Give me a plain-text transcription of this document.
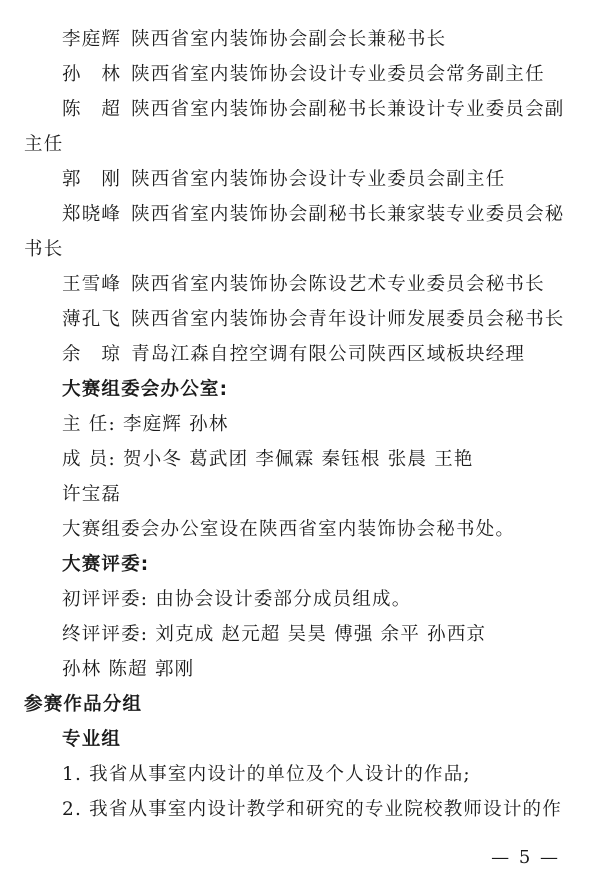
李庭辉 陕西省室内装饰协会副会长兼秘书长
孙　林 陕西省室内装饰协会设计专业委员会常务副主任
陈　超 陕西省室内装饰协会副秘书长兼设计专业委员会副
主任
郭　刚 陕西省室内装饰协会设计专业委员会副主任
郑晓峰 陕西省室内装饰协会副秘书长兼家装专业委员会秘
书长
王雪峰 陕西省室内装饰协会陈设艺术专业委员会秘书长
薄孔飞 陕西省室内装饰协会青年设计师发展委员会秘书长
余　琼 青岛江森自控空调有限公司陕西区域板块经理
大赛组委会办公室:
主 任: 李庭辉 孙林
成 员: 贺小冬 葛武团 李佩霖 秦钰根 张晨 王艳
许宝磊
大赛组委会办公室设在陕西省室内装饰协会秘书处。
大赛评委:
初评评委: 由协会设计委部分成员组成。
终评评委: 刘克成 赵元超 吴昊 傅强 余平 孙西京
孙林 陈超 郭刚
参赛作品分组
专业组
1. 我省从事室内设计的单位及个人设计的作品;
2. 我省从事室内设计教学和研究的专业院校教师设计的作
— 5 —
